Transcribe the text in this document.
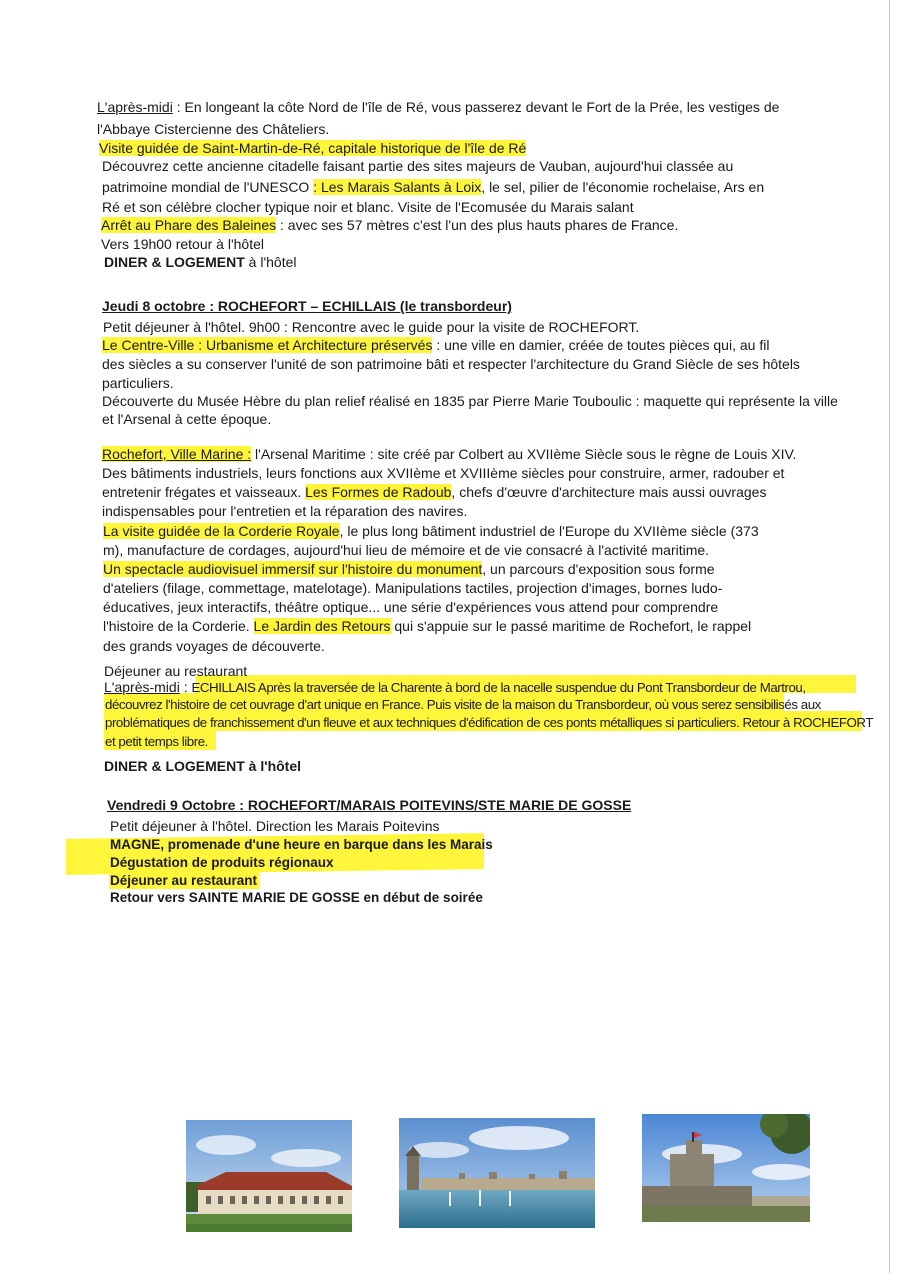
L'après-midi : En longeant la côte Nord de l'île de Ré, vous passerez devant le Fort de la Prée, les vestiges de
l'Abbaye Cistercienne des Châteliers.
Visite guidée de Saint-Martin-de-Ré, capitale historique de l'île de Ré
Découvrez cette ancienne citadelle faisant partie des sites majeurs de Vauban, aujourd'hui classée au
patrimoine mondial de l'UNESCO : Les Marais Salants à Loix, le sel, pilier de l'économie rochelaise, Ars en
Ré et son célèbre clocher typique noir et blanc. Visite de l'Ecomusée du Marais salant
Arrêt au Phare des Baleines : avec ses 57 mètres c'est l'un des plus hauts phares de France.
Vers 19h00 retour à l'hôtel
DINER & LOGEMENT à l'hôtel
Jeudi 8 octobre : ROCHEFORT – ECHILLAIS (le transbordeur)
Petit déjeuner à l'hôtel. 9h00 : Rencontre avec le guide pour la visite de ROCHEFORT.
Le Centre-Ville : Urbanisme et Architecture préservés : une ville en damier, créée de toutes pièces qui, au fil
des siècles a su conserver l'unité de son patrimoine bâti et respecter l'architecture du Grand Siècle de ses hôtels
particuliers.
Découverte du Musée Hèbre du plan relief réalisé en 1835 par Pierre Marie Touboulic : maquette qui représente la ville
et l'Arsenal à cette époque.
Rochefort, Ville Marine : l'Arsenal Maritime : site créé par Colbert au XVIIème Siècle sous le règne de Louis XIV.
Des bâtiments industriels, leurs fonctions aux XVIIème et XVIIIème siècles pour construire, armer, radouber et
entretenir frégates et vaisseaux. Les Formes de Radoub, chefs d'œuvre d'architecture mais aussi ouvrages
indispensables pour l'entretien et la réparation des navires.
La visite guidée de la Corderie Royale, le plus long bâtiment industriel de l'Europe du XVIIème siècle (373
m), manufacture de cordages, aujourd'hui lieu de mémoire et de vie consacré à l'activité maritime.
Un spectacle audiovisuel immersif sur l'histoire du monument, un parcours d'exposition sous forme
d'ateliers (filage, commettage, matelotage). Manipulations tactiles, projection d'images, bornes ludo-
éducatives, jeux interactifs, théâtre optique... une série d'expériences vous attend pour comprendre
l'histoire de la Corderie. Le Jardin des Retours qui s'appuie sur le passé maritime de Rochefort, le rappel
des grands voyages de découverte.
Déjeuner au restaurant
L'après-midi : ECHILLAIS Après la traversée de la Charente à bord de la nacelle suspendue du Pont Transbordeur de Martrou,
découvrez l'histoire de cet ouvrage d'art unique en France. Puis visite de la maison du Transbordeur, où vous serez sensibilisés aux
problématiques de franchissement d'un fleuve et aux techniques d'édification de ces ponts métalliques si particuliers. Retour à ROCHEFORT
et petit temps libre.
DINER & LOGEMENT à l'hôtel
Vendredi 9 Octobre : ROCHEFORT/MARAIS POITEVINS/STE MARIE DE GOSSE
Petit déjeuner à l'hôtel. Direction les Marais Poitevins
MAGNE, promenade d'une heure en barque dans les Marais
Dégustation de produits régionaux
Déjeuner au restaurant
Retour vers SAINTE MARIE DE GOSSE en début de soirée
